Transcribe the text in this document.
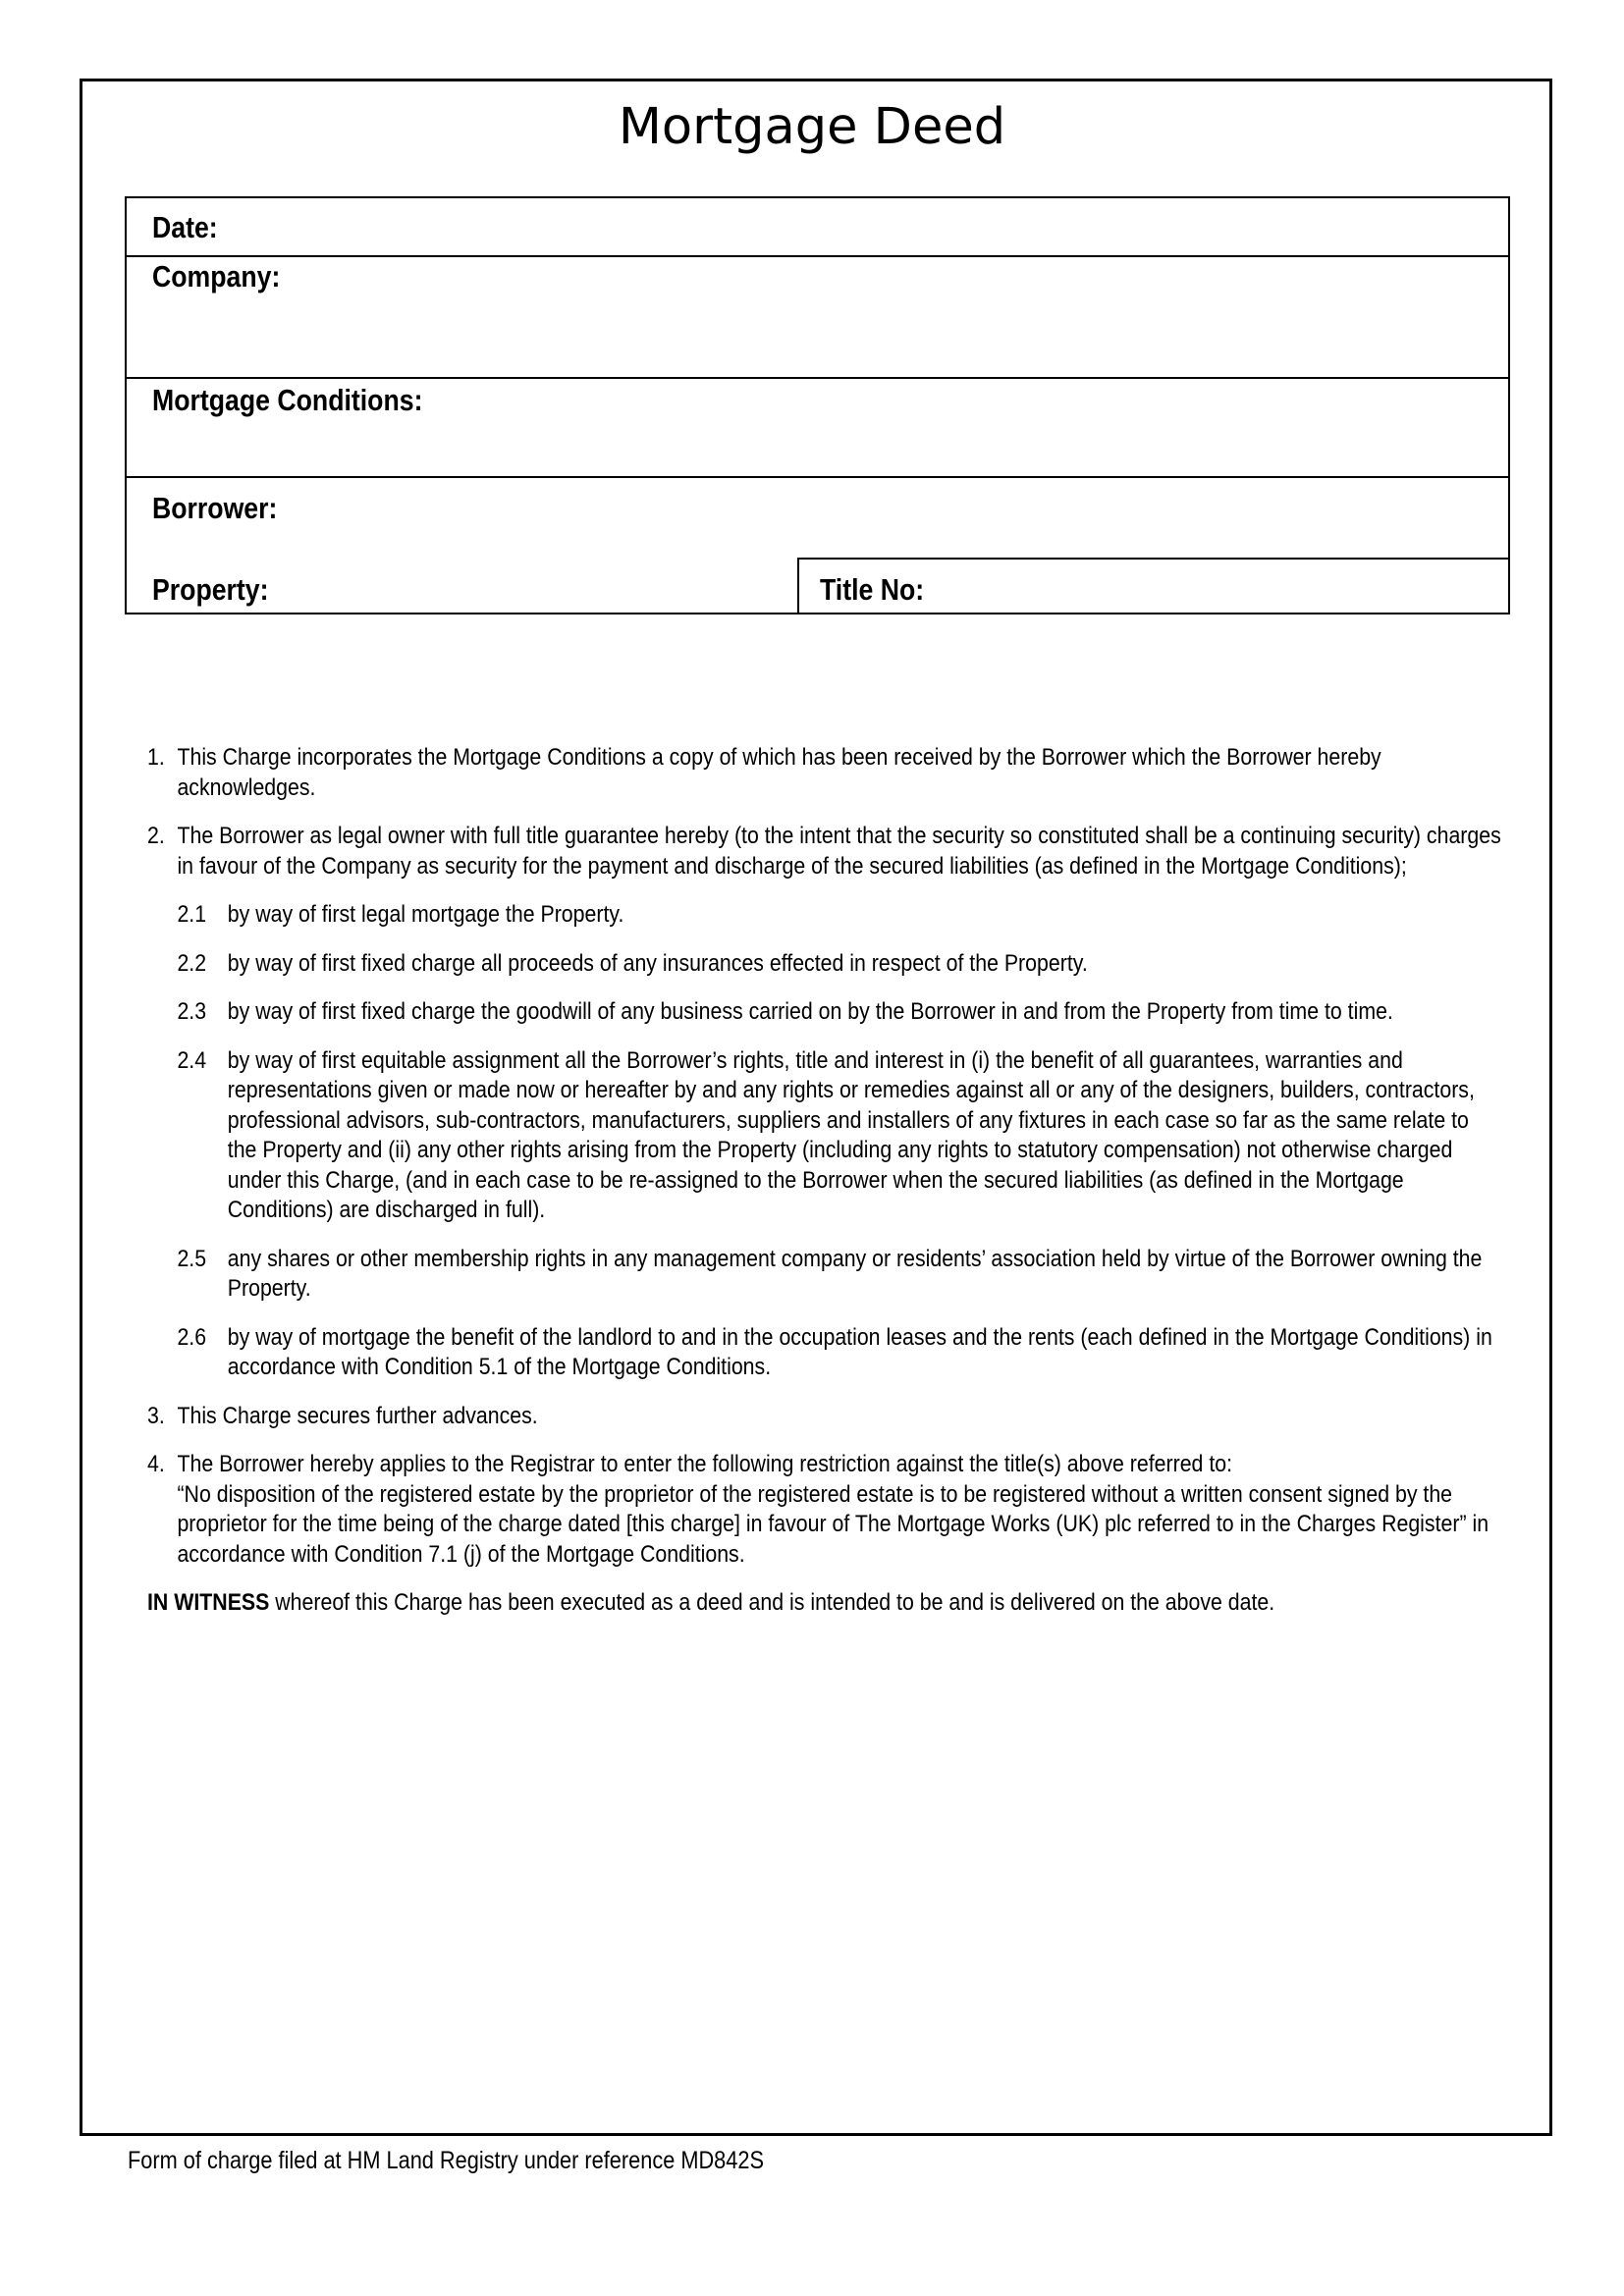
Mortgage Deed
Date:
Company:
Mortgage Conditions:
Borrower:
Property:	Title No:
1. This Charge incorporates the Mortgage Conditions a copy of which has been received by the Borrower which the Borrower hereby acknowledges.
2. The Borrower as legal owner with full title guarantee hereby (to the intent that the security so constituted shall be a continuing security) charges in favour of the Company as security for the payment and discharge of the secured liabilities (as defined in the Mortgage Conditions);
2.1 by way of first legal mortgage the Property.
2.2 by way of first fixed charge all proceeds of any insurances effected in respect of the Property.
2.3 by way of first fixed charge the goodwill of any business carried on by the Borrower in and from the Property from time to time.
2.4 by way of first equitable assignment all the Borrower’s rights, title and interest in (i) the benefit of all guarantees, warranties and representations given or made now or hereafter by and any rights or remedies against all or any of the designers, builders, contractors, professional advisors, sub-contractors, manufacturers, suppliers and installers of any fixtures in each case so far as the same relate to the Property and (ii) any other rights arising from the Property (including any rights to statutory compensation) not otherwise charged under this Charge, (and in each case to be re-assigned to the Borrower when the secured liabilities (as defined in the Mortgage Conditions) are discharged in full).
2.5 any shares or other membership rights in any management company or residents’ association held by virtue of the Borrower owning the Property.
2.6 by way of mortgage the benefit of the landlord to and in the occupation leases and the rents (each defined in the Mortgage Conditions) in accordance with Condition 5.1 of the Mortgage Conditions.
3. This Charge secures further advances.
4. The Borrower hereby applies to the Registrar to enter the following restriction against the title(s) above referred to:
“No disposition of the registered estate by the proprietor of the registered estate is to be registered without a written consent signed by the proprietor for the time being of the charge dated [this charge] in favour of The Mortgage Works (UK) plc referred to in the Charges Register” in accordance with Condition 7.1 (j) of the Mortgage Conditions.
IN WITNESS whereof this Charge has been executed as a deed and is intended to be and is delivered on the above date.
Form of charge filed at HM Land Registry under reference MD842S
